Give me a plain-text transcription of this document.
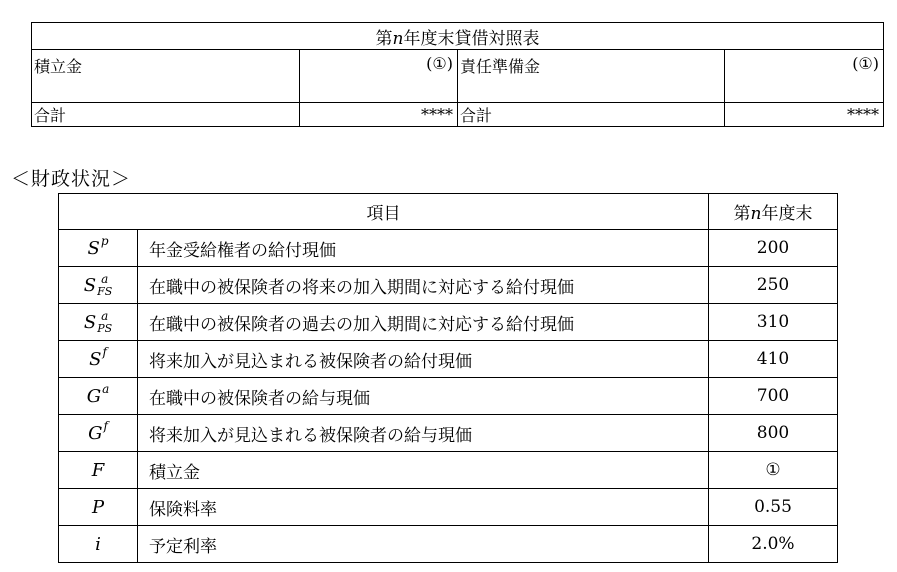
第n年度末貸借対照表			
積立金	(①)	責任準備金	(①)
合計	****	合計	****
＜財政状況＞
項目		第n年度末

S p	年金受給権者の給付現価	200

S a
FS	在職中の被保険者の将来の加入期間に対応する給付現価	250

S a
PS	在職中の被保険者の過去の加入期間に対応する給付現価	310

S f	将来加入が見込まれる被保険者の給付現価	410

G a	在職中の被保険者の給与現価	700

G f	将来加入が見込まれる被保険者の給与現価	800

F	積立金	①

P	保険料率	0.55

i	予定利率	2.0%
